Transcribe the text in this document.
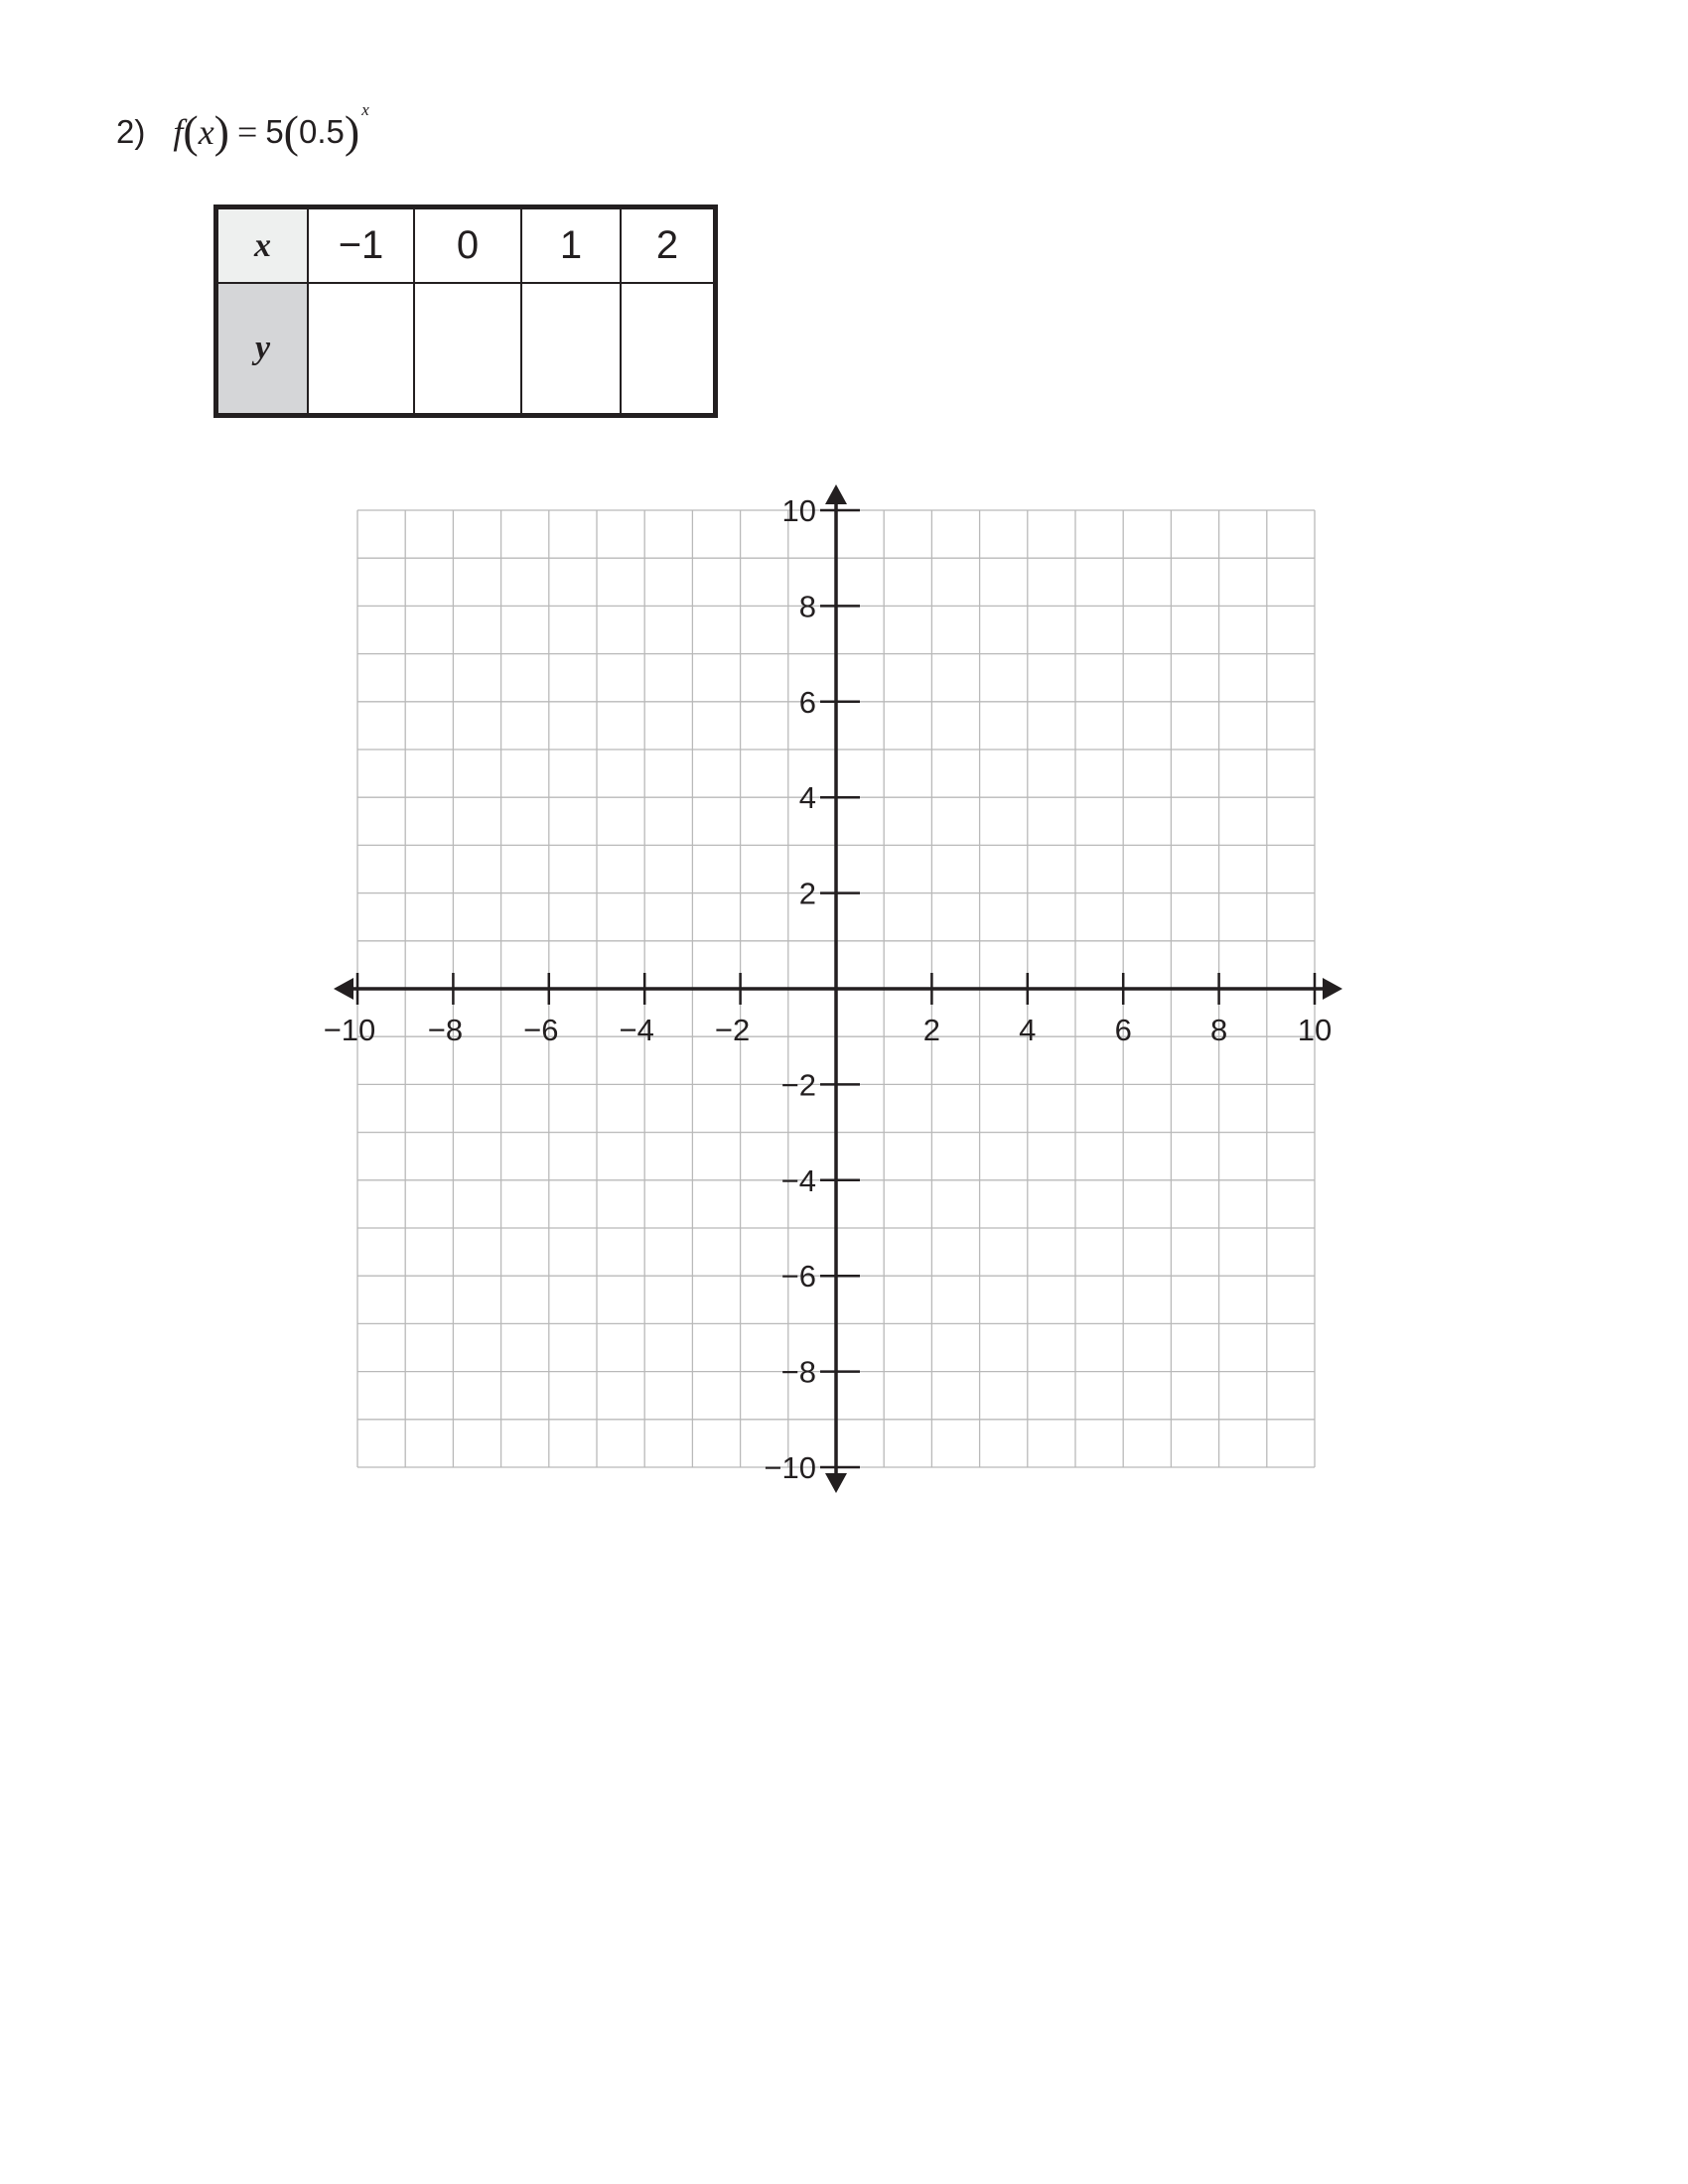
2) f ( x ) = 5 ( 0.5 ) x
x	−1	0	1	2
y				
−10 −8 −6 −4 −2	2	4	6	8 10
−10
−8
−6
−4
−2
2
4
6
8
10
